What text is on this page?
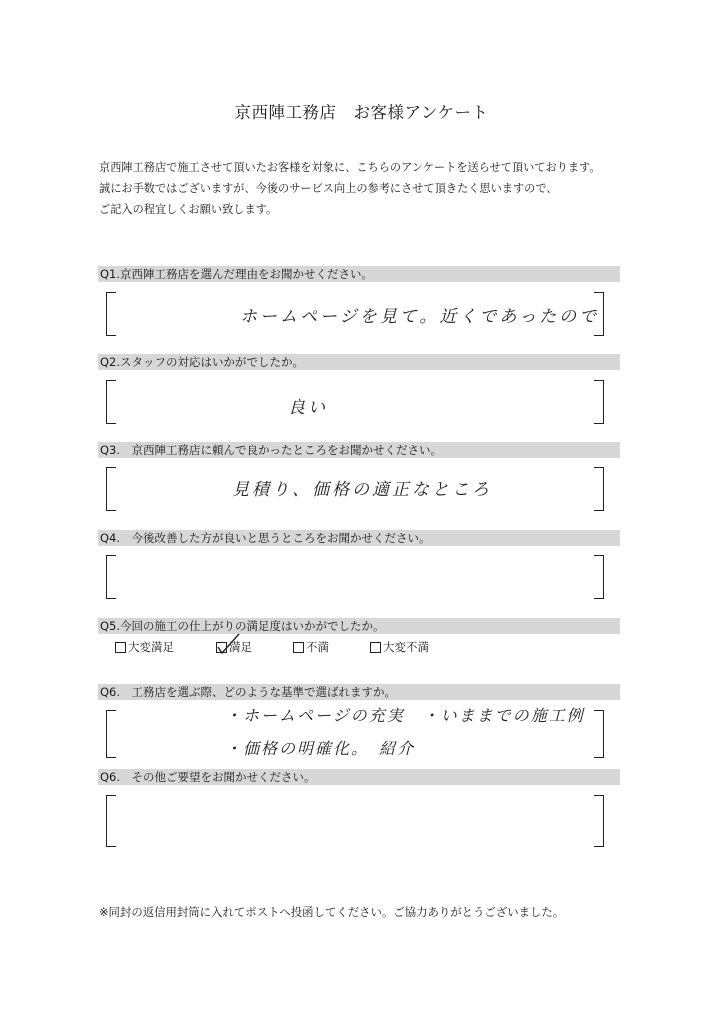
京西陣工務店　お客様アンケート
京西陣工務店で施工させて頂いたお客様を対象に、こちらのアンケートを送らせて頂いております。
誠にお手数ではございますが、今後のサービス向上の参考にさせて頂きたく思いますので、
ご記入の程宜しくお願い致します。
Q1.京西陣工務店を選んだ理由をお聞かせください。
ホームページを見て。近くであったので
Q2.スタッフの対応はいかがでしたか。
良い
Q3.　京西陣工務店に頼んで良かったところをお聞かせください。
見積り、価格の適正なところ
Q4.　今後改善した方が良いと思うところをお聞かせください。
Q5.今回の施工の仕上がりの満足度はいかがでしたか。
大変満足	満足	不満	大変不満
Q6.　工務店を選ぶ際、どのような基準で選ばれますか。
・ホームページの充実　・いままでの施工例
・価格の明確化。　紹介
Q6.　その他ご要望をお聞かせください。
※同封の返信用封筒に入れてポストへ投函してください。ご協力ありがとうございました。
